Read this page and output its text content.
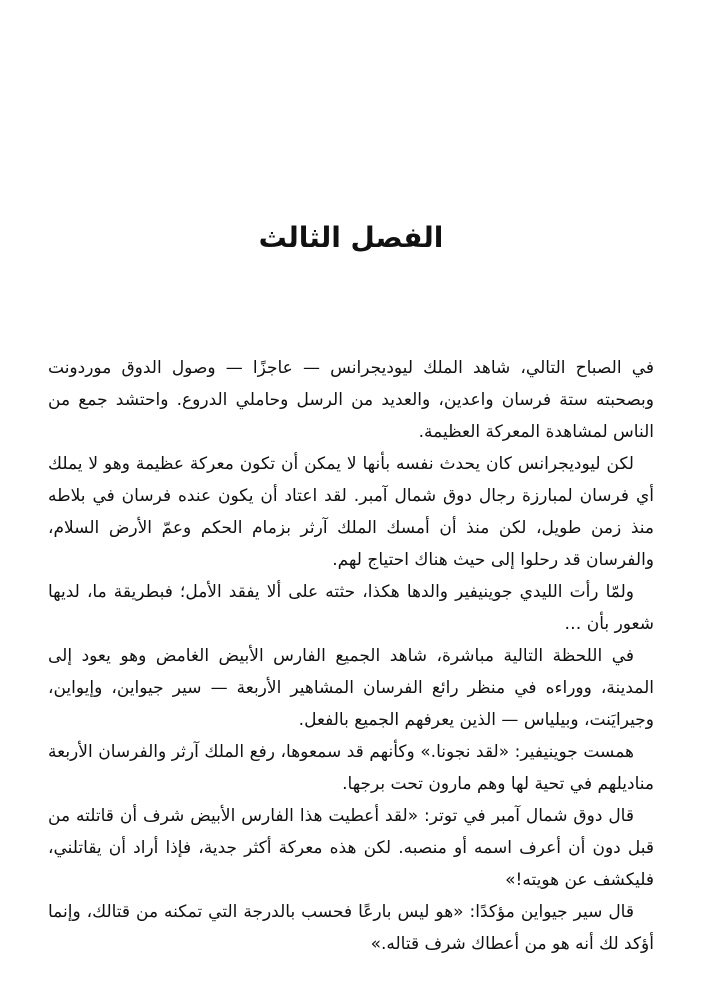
الفصل الثالث

في الصباح التالي، شاهد الملك ليوديجرانس — عاجزًا — وصول الدوق موردونت وبصحبته ستة فرسان واعدين، والعديد من الرسل وحاملي الدروع. واحتشد جمع من الناس لمشاهدة المعركة العظيمة.

لكن ليوديجرانس كان يحدث نفسه بأنها لا يمكن أن تكون معركة عظيمة وهو لا يملك أي فرسان لمبارزة رجال دوق شمال آمبر. لقد اعتاد أن يكون عنده فرسان في بلاطه منذ زمن طويل، لكن منذ أن أمسك الملك آرثر بزمام الحكم وعمّ الأرض السلام، والفرسان قد رحلوا إلى حيث هناك احتياج لهم.

ولمّا رأت الليدي جوينيفير والدها هكذا، حثته على ألا يفقد الأمل؛ فبطريقة ما، لديها شعور بأن …

في اللحظة التالية مباشرة، شاهد الجميع الفارس الأبيض الغامض وهو يعود إلى المدينة، ووراءه في منظر رائع الفرسان المشاهير الأربعة — سير جيواين، وإيواين، وجيرايَنت، وبيلياس — الذين يعرفهم الجميع بالفعل.

همست جوينيفير: «لقد نجونا.» وكأنهم قد سمعوها، رفع الملك آرثر والفرسان الأربعة مناديلهم في تحية لها وهم مارون تحت برجها.

قال دوق شمال آمبر في توتر: «لقد أعطيت هذا الفارس الأبيض شرف أن قاتلته من قبل دون أن أعرف اسمه أو منصبه. لكن هذه معركة أكثر جدية، فإذا أراد أن يقاتلني، فليكشف عن هويته!»

قال سير جيواين مؤكدًا: «هو ليس بارعًا فحسب بالدرجة التي تمكنه من قتالك، وإنما أؤكد لك أنه هو من أعطاك شرف قتاله.»
